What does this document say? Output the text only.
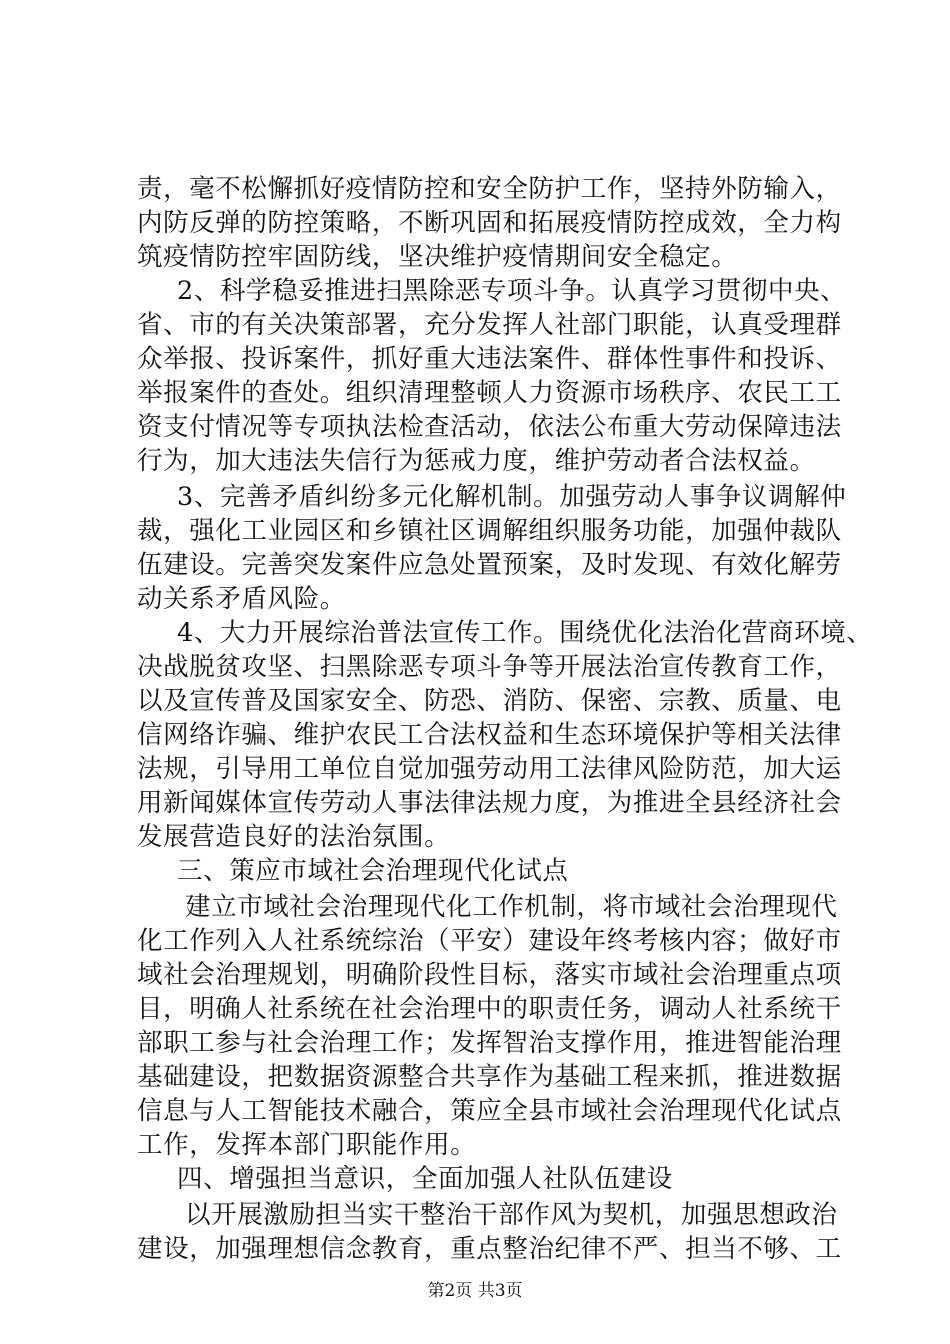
责，毫不松懈抓好疫情防控和安全防护工作，坚持外防输入，
内防反弹的防控策略，不断巩固和拓展疫情防控成效，全力构
筑疫情防控牢固防线，坚决维护疫情期间安全稳定。
2、科学稳妥推进扫黑除恶专项斗争。认真学习贯彻中央、
省、市的有关决策部署，充分发挥人社部门职能，认真受理群
众举报、投诉案件，抓好重大违法案件、群体性事件和投诉、
举报案件的查处。组织清理整顿人力资源市场秩序、农民工工
资支付情况等专项执法检查活动，依法公布重大劳动保障违法
行为，加大违法失信行为惩戒力度，维护劳动者合法权益。
3、完善矛盾纠纷多元化解机制。加强劳动人事争议调解仲
裁，强化工业园区和乡镇社区调解组织服务功能，加强仲裁队
伍建设。完善突发案件应急处置预案，及时发现、有效化解劳
动关系矛盾风险。
4、大力开展综治普法宣传工作。围绕优化法治化营商环境、
决战脱贫攻坚、扫黑除恶专项斗争等开展法治宣传教育工作，
以及宣传普及国家安全、防恐、消防、保密、宗教、质量、电
信网络诈骗、维护农民工合法权益和生态环境保护等相关法律
法规，引导用工单位自觉加强劳动用工法律风险防范，加大运
用新闻媒体宣传劳动人事法律法规力度，为推进全县经济社会
发展营造良好的法治氛围。
三、策应市域社会治理现代化试点
建立市域社会治理现代化工作机制，将市域社会治理现代
化工作列入人社系统综治（平安）建设年终考核内容；做好市
域社会治理规划，明确阶段性目标，落实市域社会治理重点项
目，明确人社系统在社会治理中的职责任务，调动人社系统干
部职工参与社会治理工作；发挥智治支撑作用，推进智能治理
基础建设，把数据资源整合共享作为基础工程来抓，推进数据
信息与人工智能技术融合，策应全县市域社会治理现代化试点
工作，发挥本部门职能作用。
四、增强担当意识，全面加强人社队伍建设
以开展激励担当实干整治干部作风为契机，加强思想政治
建设，加强理想信念教育，重点整治纪律不严、担当不够、工
第2页 共3页
